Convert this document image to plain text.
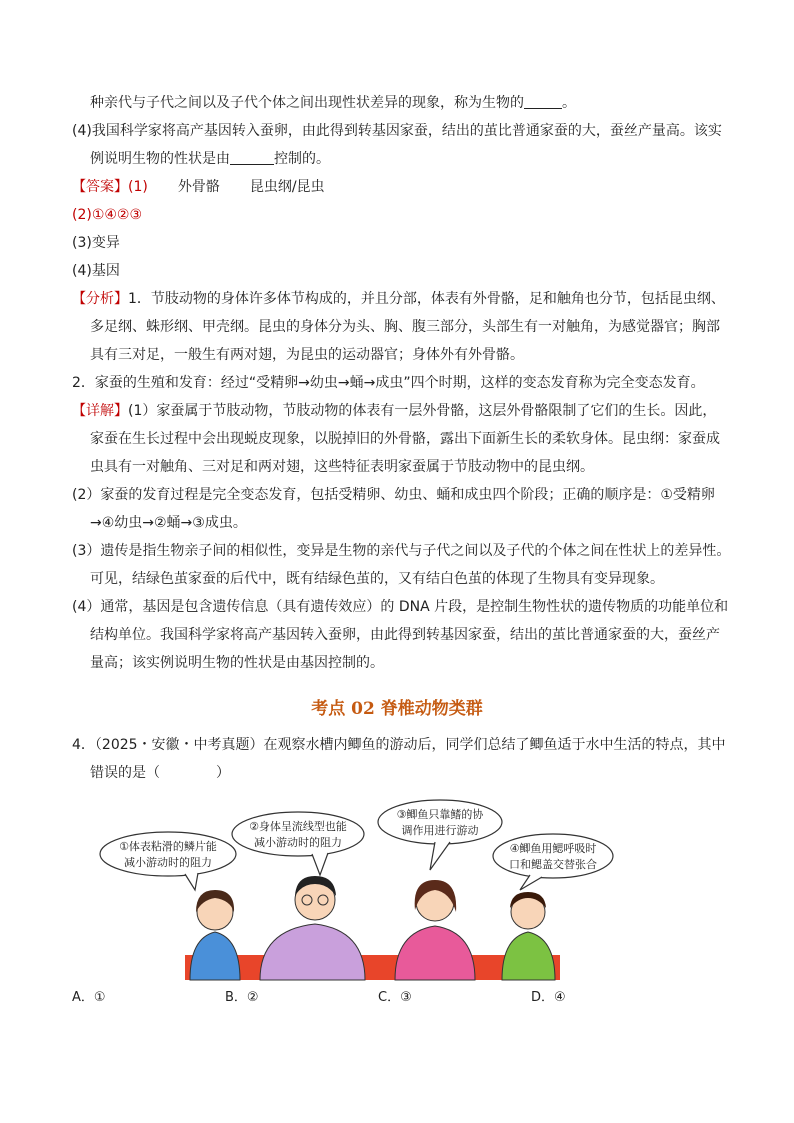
种亲代与子代之间以及子代个体之间出现性状差异的现象，称为生物的	。
(4)我国科学家将高产基因转入蚕卵，由此得到转基因家蚕，结出的茧比普通家蚕的大，蚕丝产量高。该实
例说明生物的性状是由	控制的。
【答案】(1) 外骨骼 昆虫纲/昆虫
(2)①④②③
(3)变异
(4)基因
【分析】1．节肢动物的身体许多体节构成的，并且分部，体表有外骨骼，足和触角也分节，包括昆虫纲、
多足纲、蛛形纲、甲壳纲。昆虫的身体分为头、胸、腹三部分，头部生有一对触角，为感觉器官；胸部
具有三对足，一般生有两对翅，为昆虫的运动器官；身体外有外骨骼。
2．家蚕的生殖和发育：经过“受精卵→幼虫→蛹→成虫”四个时期，这样的变态发育称为完全变态发育。
【详解】(1）家蚕属于节肢动物，节肢动物的体表有一层外骨骼，这层外骨骼限制了它们的生长。因此，
家蚕在生长过程中会出现蜕皮现象，以脱掉旧的外骨骼，露出下面新生长的柔软身体。昆虫纲：家蚕成
虫具有一对触角、三对足和两对翅，这些特征表明家蚕属于节肢动物中的昆虫纲。
(2）家蚕的发育过程是完全变态发育，包括受精卵、幼虫、蛹和成虫四个阶段；正确的顺序是：①受精卵
→④幼虫→②蛹→③成虫。
(3）遗传是指生物亲子间的相似性，变异是生物的亲代与子代之间以及子代的个体之间在性状上的差异性。
可见，结绿色茧家蚕的后代中，既有结绿色茧的，又有结白色茧的体现了生物具有变异现象。
(4）通常，基因是包含遗传信息（具有遗传效应）的 DNA 片段，是控制生物性状的遗传物质的功能单位和
结构单位。我国科学家将高产基因转入蚕卵，由此得到转基因家蚕，结出的茧比普通家蚕的大，蚕丝产
量高；该实例说明生物的性状是由基因控制的。
考点 02 脊椎动物类群
4．（2025・安徽・中考真题）在观察水槽内鲫鱼的游动后，同学们总结了鲫鱼适于水中生活的特点，其中
错误的是（　　　　）
①体表粘滑的鳞片能
减小游动时的阻力
②身体呈流线型也能
减小游动时的阻力
③鲫鱼只靠鳍的协
调作用进行游动
④鲫鱼用鳃呼吸时
口和鳃盖交替张合
A．①	B．②	C．③	D．④
